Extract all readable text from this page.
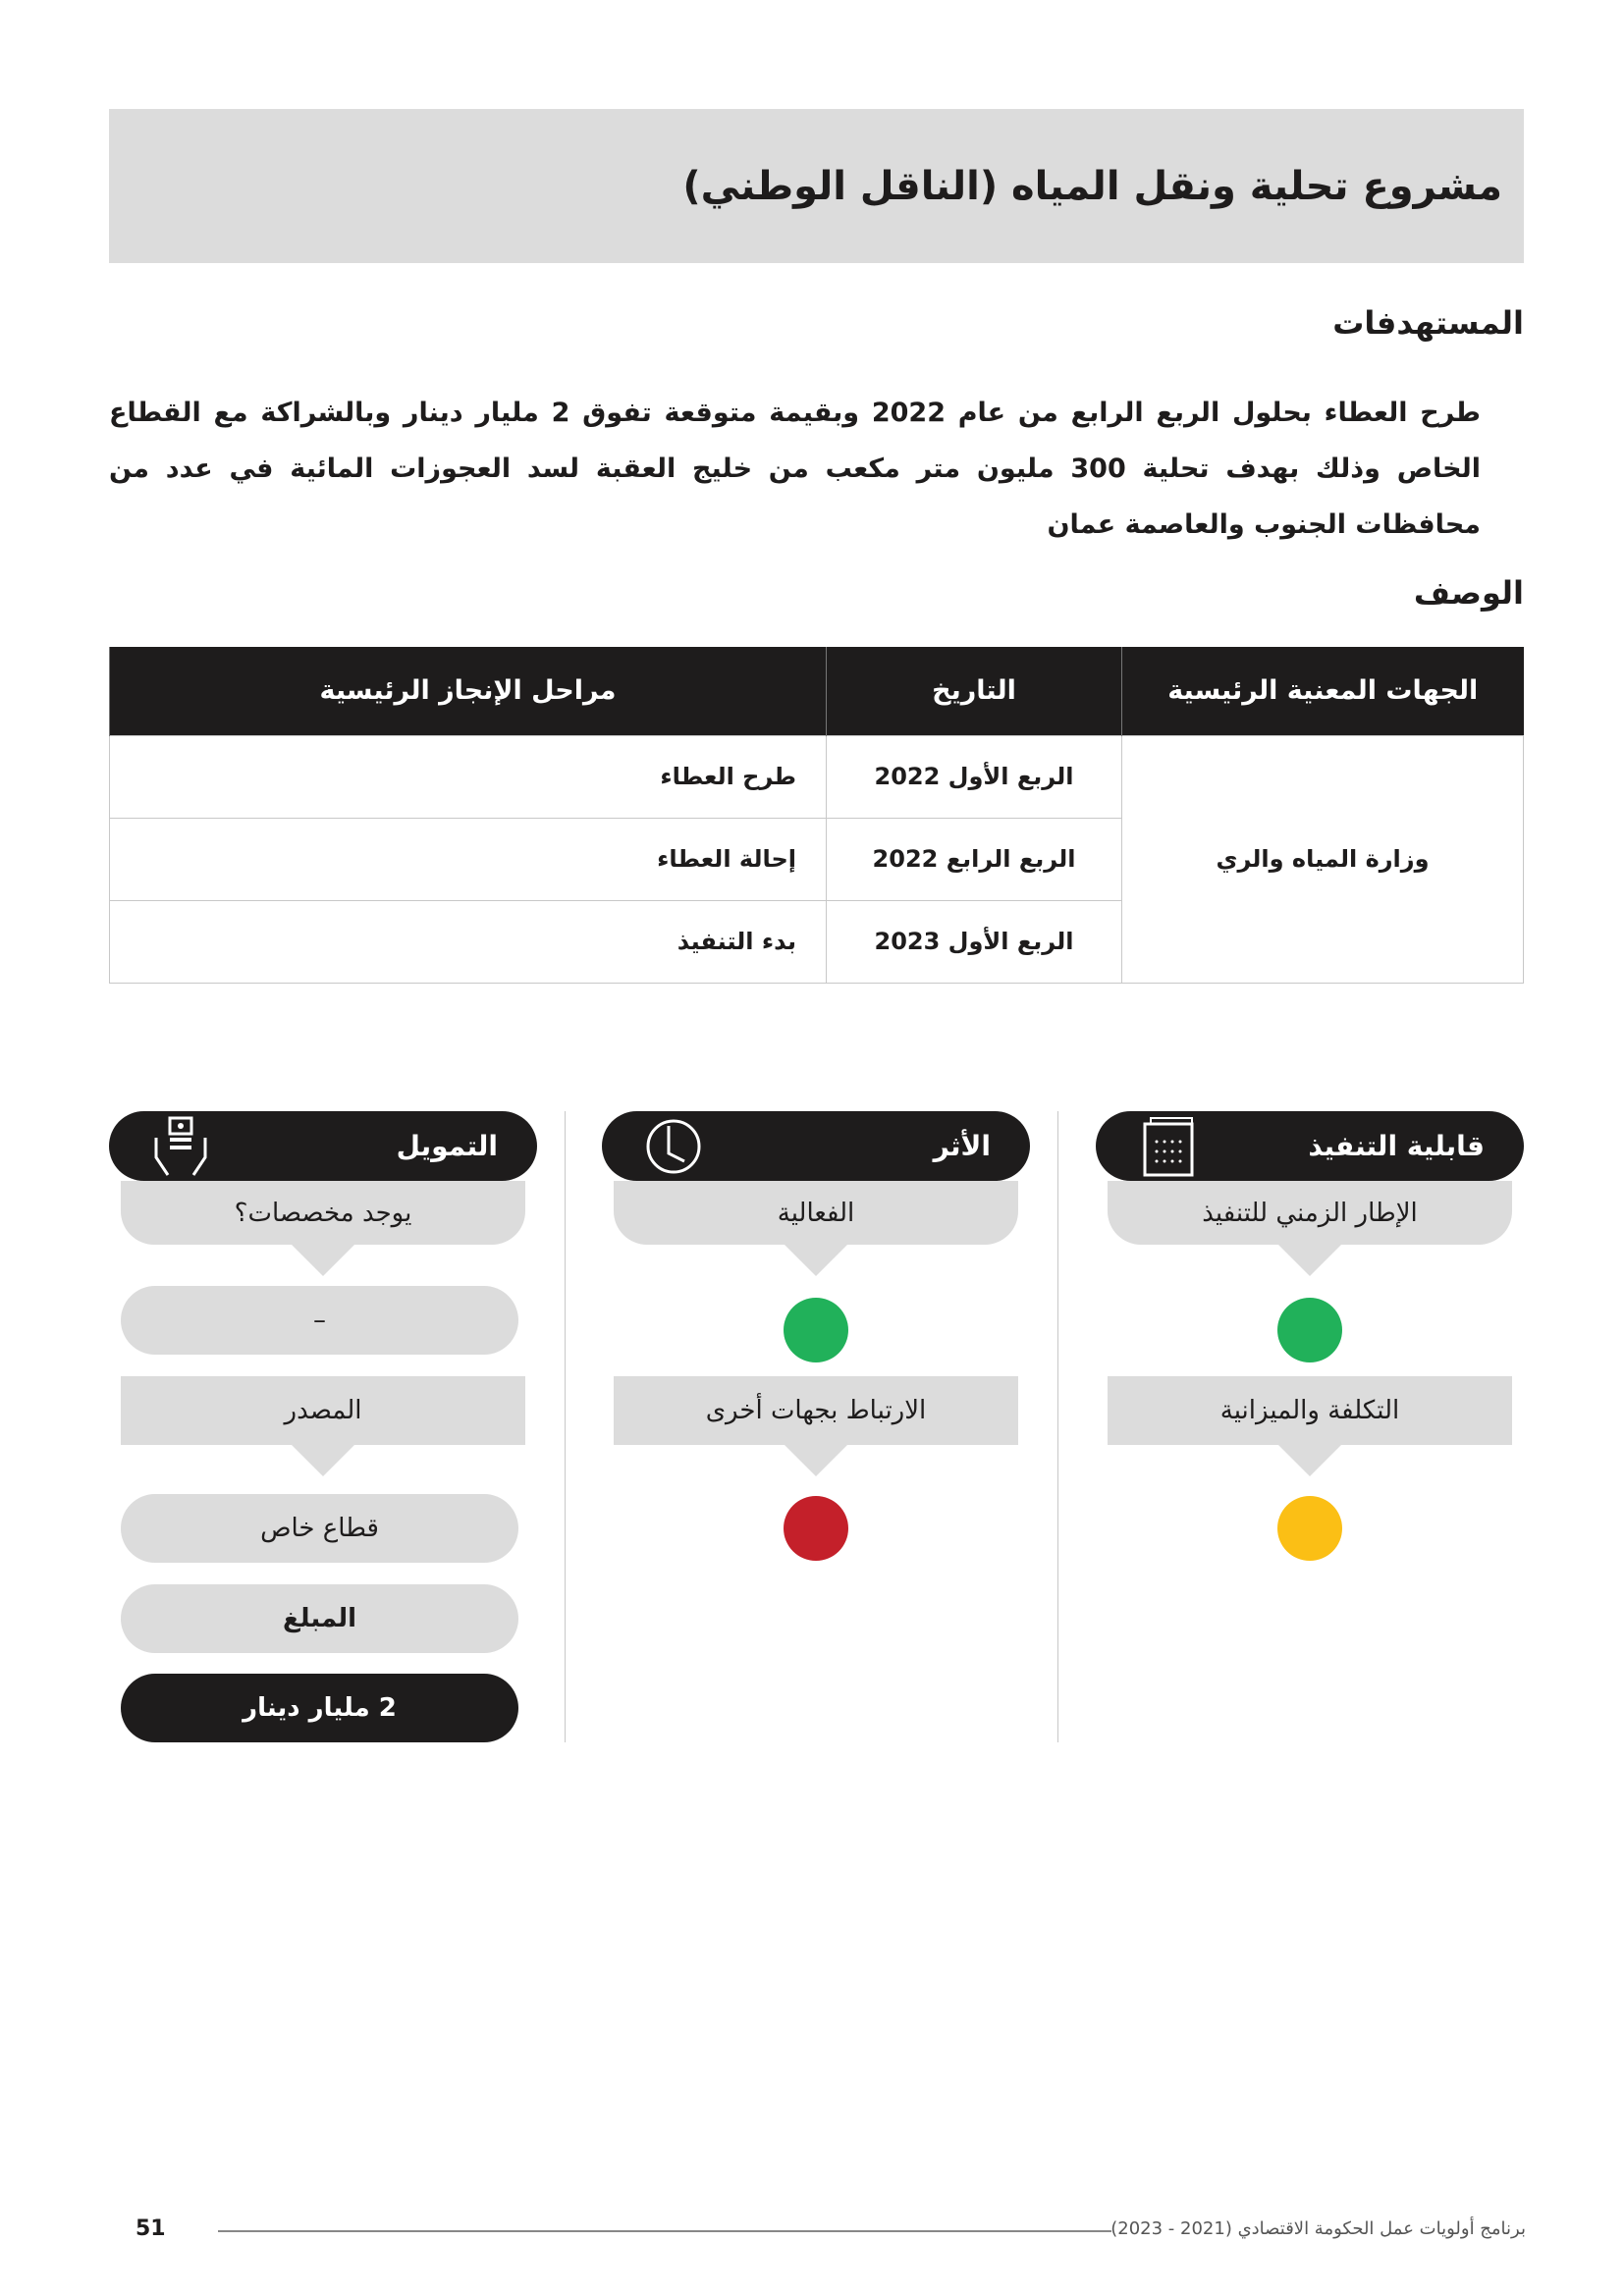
مشروع تحلية ونقل المياه (الناقل الوطني)
المستهدفات

طرح العطاء بحلول الربع الرابع من عام 2022 وبقيمة متوقعة تفوق 2 مليار دينار وبالشراكة مع القطاع الخاص وذلك بهدف تحلية 300 مليون متر مكعب من خليج العقبة لسد العجوزات المائية في عدد من محافظات الجنوب والعاصمة عمان

الوصف
الجهات المعنية الرئيسية	التاريخ	مراحل الإنجاز الرئيسية
وزارة المياه والري	الربع الأول 2022	طرح العطاء
	الربع الرابع 2022	إحالة العطاء
	الربع الأول 2023	بدء التنفيذ
قابلية التنفيذ
الإطار الزمني للتنفيذ
التكلفة والميزانية
الأثر
الفعالية
الارتباط بجهات أخرى
التمويل
يوجد مخصصات؟
–
المصدر
قطاع خاص
المبلغ
2 مليار دينار
51	برنامج أولويات عمل الحكومة الاقتصادي (2021 - 2023)
